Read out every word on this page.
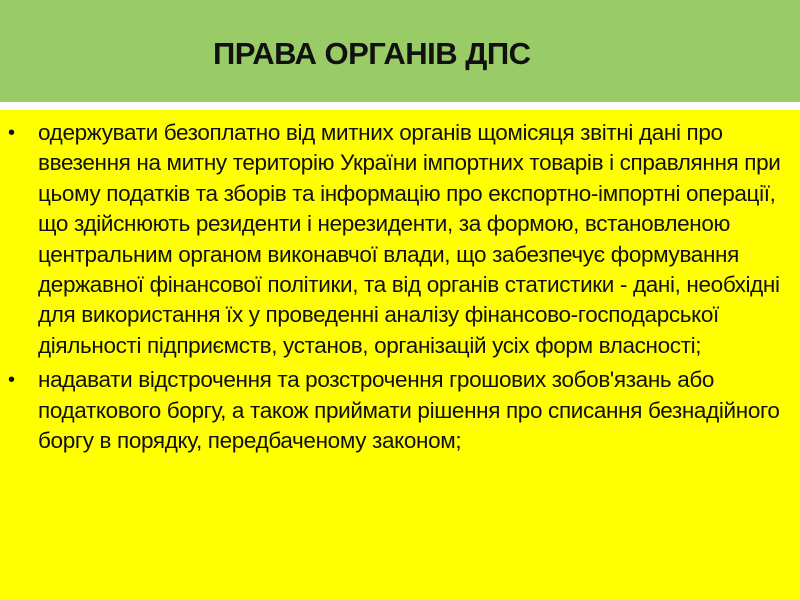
ПРАВА ОРГАНІВ ДПС
• одержувати безоплатно від митних органів щомісяця звітні дані про ввезення на митну територію України імпортних товарів і справляння при цьому податків та зборів та інформацію про експортно-імпортні операції, що здійснюють резиденти і нерезиденти, за формою, встановленою центральним органом виконавчої влади, що забезпечує формування державної фінансової політики, та від органів статистики - дані, необхідні для використання їх у проведенні аналізу фінансово-господарської діяльності підприємств, установ, організацій усіх форм власності;
• надавати відстрочення та розстрочення грошових зобов'язань або податкового боргу, а також приймати рішення про списання безнадійного боргу в порядку, передбаченому законом;
